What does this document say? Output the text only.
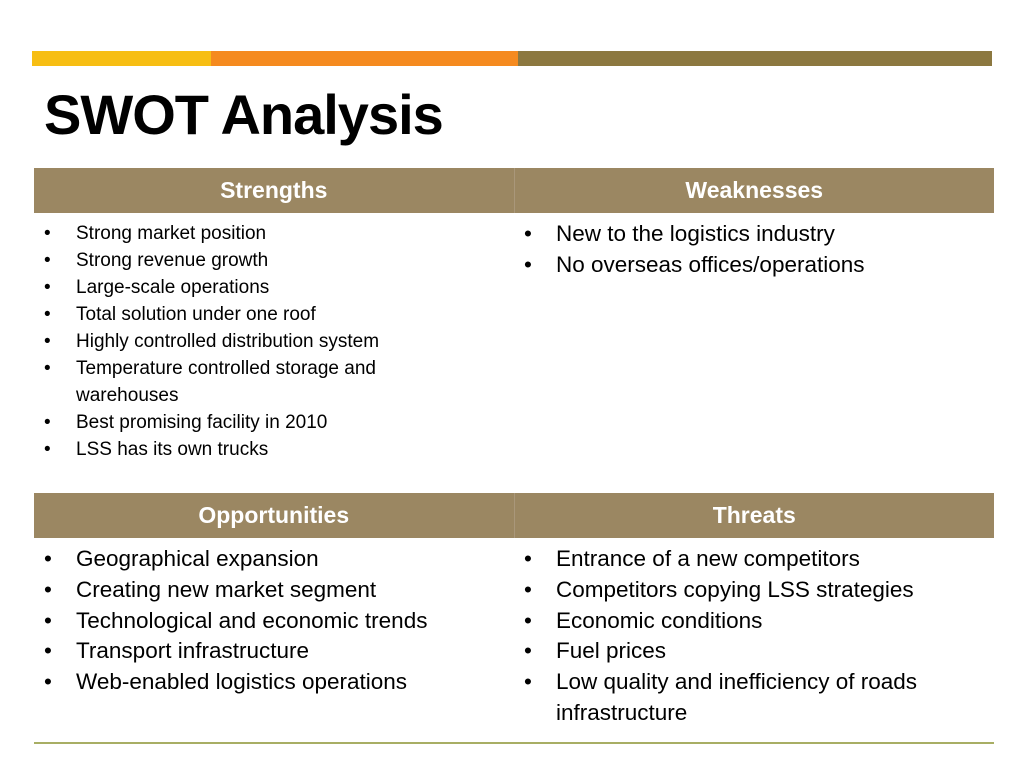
SWOT Analysis
Strengths	Weaknesses
• Strong market position
• Strong revenue growth
• Large-scale operations
• Total solution under one roof
• Highly controlled distribution system
• Temperature controlled storage and warehouses
• Best promising facility in 2010
• LSS has its own trucks
• New to the logistics industry
• No overseas offices/operations
Opportunities	Threats
• Geographical expansion
• Creating new market segment
• Technological and economic trends
• Transport infrastructure
• Web-enabled logistics operations
• Entrance of a new competitors
• Competitors copying LSS strategies
• Economic conditions
• Fuel prices
• Low quality and inefficiency of roads infrastructure
